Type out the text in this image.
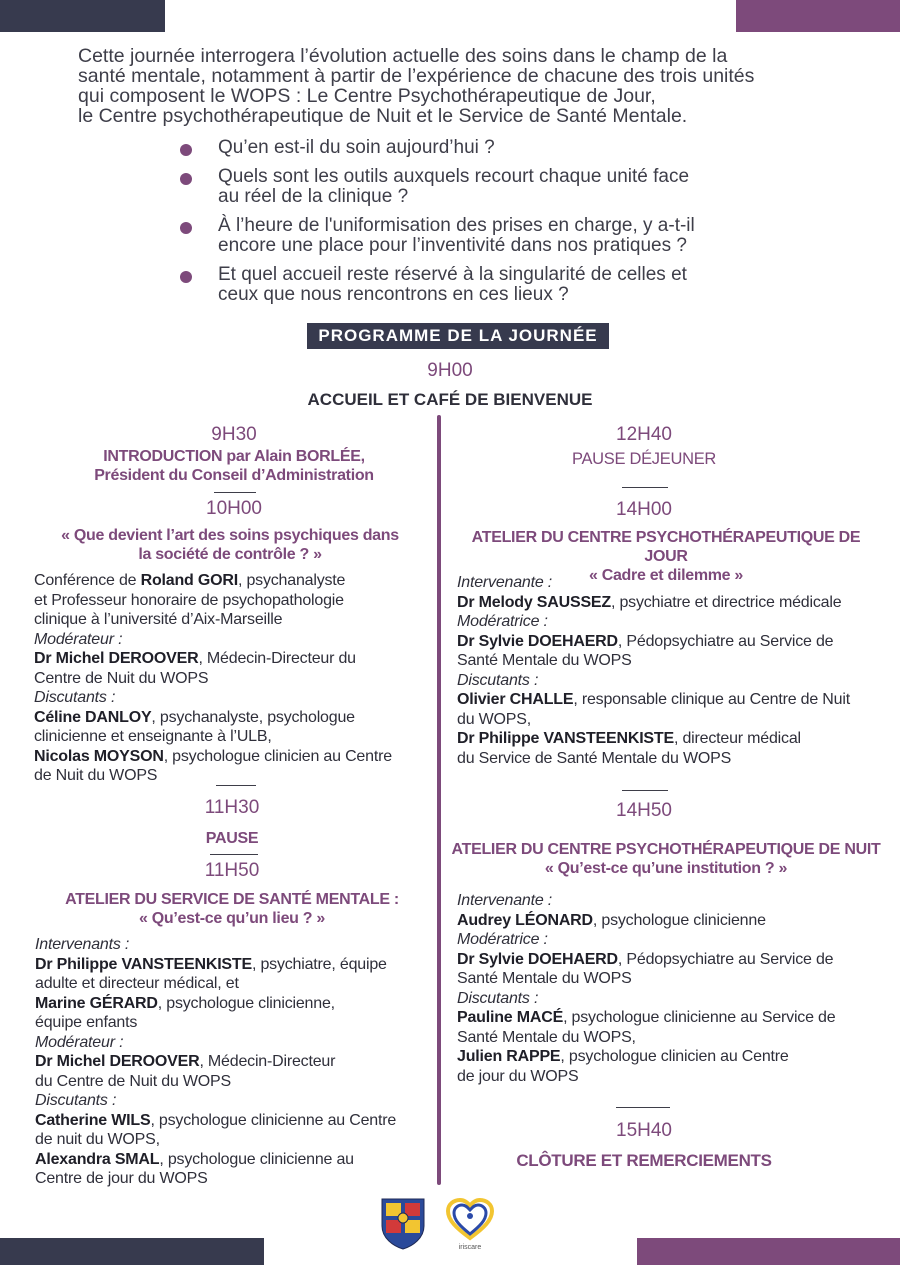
Cette journée interrogera l’évolution actuelle des soins dans le champ de la
santé mentale, notamment à partir de l’expérience de chacune des trois unités
qui composent le WOPS : Le Centre Psychothérapeutique de Jour,
le Centre psychothérapeutique de Nuit et le Service de Santé Mentale.
Qu’en est-il du soin aujourd’hui ?
Quels sont les outils auxquels recourt chaque unité face
au réel de la clinique ?
À l’heure de l'uniformisation des prises en charge, y a-t-il
encore une place pour l’inventivité dans nos pratiques ?
Et quel accueil reste réservé à la singularité de celles et
ceux que nous rencontrons en ces lieux ?
PROGRAMME DE LA JOURNÉE
9H00
ACCUEIL ET CAFÉ DE BIENVENUE
9H30
INTRODUCTION par Alain BORLÉE,
Président du Conseil d’Administration
10H00
« Que devient l’art des soins psychiques dans
la société de contrôle ? »

Conférence de Roland GORI, psychanalyste

et Professeur honoraire de psychopathologie

clinique à l’université d’Aix-Marseille

Modérateur :

Dr Michel DEROOVER, Médecin-Directeur du

Centre de Nuit du WOPS

Discutants :

Céline DANLOY, psychanalyste, psychologue

clinicienne et enseignante à l’ULB,

Nicolas MOYSON, psychologue clinicien au Centre

de Nuit du WOPS

11H30
PAUSE
11H50
ATELIER DU SERVICE DE SANTÉ MENTALE :
« Qu’est-ce qu’un lieu ? »

Intervenants :

Dr Philippe VANSTEENKISTE, psychiatre, équipe

adulte et directeur médical, et

Marine GÉRARD, psychologue clinicienne,

équipe enfants

Modérateur :

Dr Michel DEROOVER, Médecin-Directeur

du Centre de Nuit du WOPS

Discutants :

Catherine WILS, psychologue clinicienne au Centre

de nuit du WOPS,

Alexandra SMAL, psychologue clinicienne au

Centre de jour du WOPS

12H40
PAUSE DÉJEUNER
14H00
ATELIER DU CENTRE PSYCHOTHÉRAPEUTIQUE DE JOUR
« Cadre et dilemme »

Intervenante :

Dr Melody SAUSSEZ, psychiatre et directrice médicale

Modératrice :

Dr Sylvie DOEHAERD, Pédopsychiatre au Service de

Santé Mentale du WOPS

Discutants :

Olivier CHALLE, responsable clinique au Centre de Nuit

du WOPS,

Dr Philippe VANSTEENKISTE, directeur médical

du Service de Santé Mentale du WOPS

14H50
ATELIER DU CENTRE PSYCHOTHÉRAPEUTIQUE DE NUIT
« Qu’est-ce qu’une institution ? »

Intervenante :

Audrey LÉONARD, psychologue clinicienne

Modératrice :

Dr Sylvie DOEHAERD, Pédopsychiatre au Service de

Santé Mentale du WOPS

Discutants :

Pauline MACÉ, psychologue clinicienne au Service de

Santé Mentale du WOPS,

Julien RAPPE, psychologue clinicien au Centre

de jour du WOPS

15H40
CLÔTURE ET REMERCIEMENTS
iriscare
